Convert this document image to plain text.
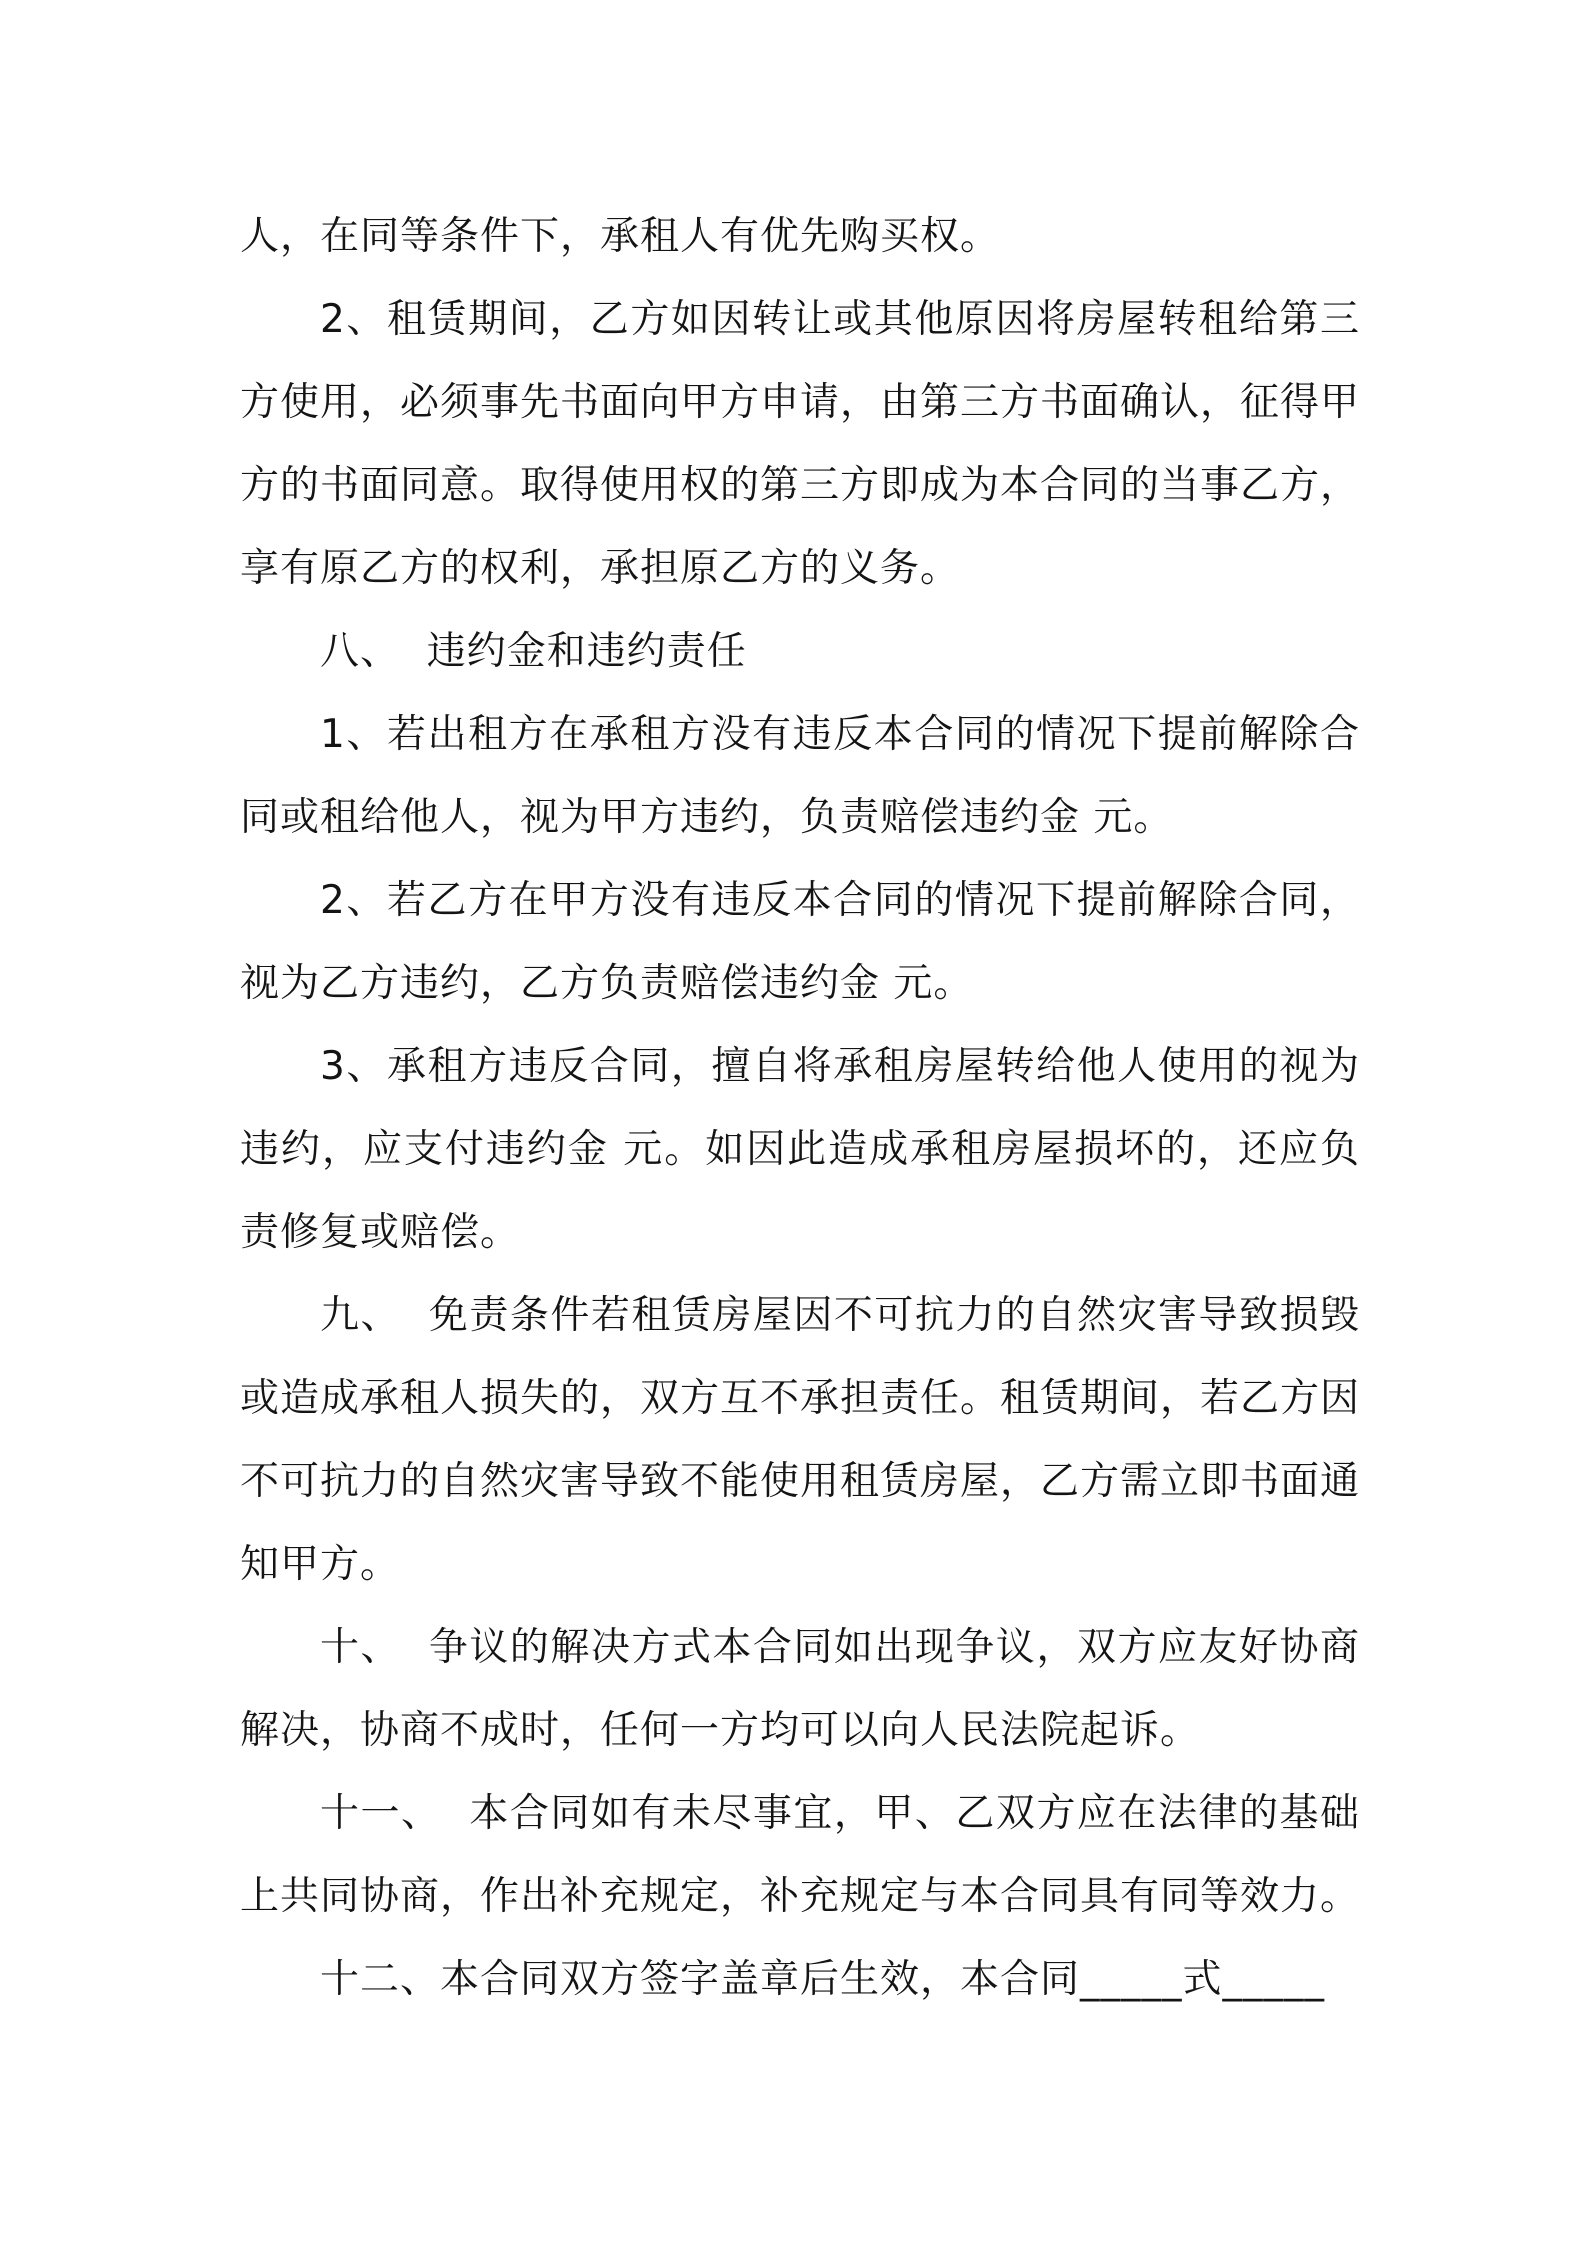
人，在同等条件下，承租人有优先购买权。

2、租赁期间，乙方如因转让或其他原因将房屋转租给第三方使用，必须事先书面向甲方申请，由第三方书面确认，征得甲方的书面同意。取得使用权的第三方即成为本合同的当事乙方，享有原乙方的权利，承担原乙方的义务。

八、  违约金和违约责任

1、若出租方在承租方没有违反本合同的情况下提前解除合同或租给他人，视为甲方违约，负责赔偿违约金 元。

2、若乙方在甲方没有违反本合同的情况下提前解除合同，视为乙方违约，乙方负责赔偿违约金 元。

3、承租方违反合同，擅自将承租房屋转给他人使用的视为违约，应支付违约金 元。如因此造成承租房屋损坏的，还应负责修复或赔偿。

九、  免责条件若租赁房屋因不可抗力的自然灾害导致损毁或造成承租人损失的，双方互不承担责任。租赁期间，若乙方因不可抗力的自然灾害导致不能使用租赁房屋，乙方需立即书面通知甲方。

十、  争议的解决方式本合同如出现争议，双方应友好协商解决，协商不成时，任何一方均可以向人民法院起诉。

十一、  本合同如有未尽事宜，甲、乙双方应在法律的基础上共同协商，作出补充规定，补充规定与本合同具有同等效力。

十二、本合同双方签字盖章后生效，本合同_____式_____
